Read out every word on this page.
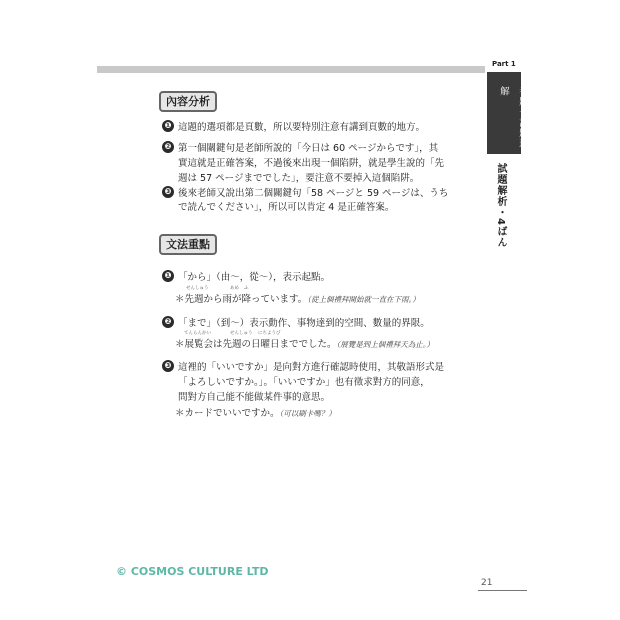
Part 1
考題一讀題理解
試題解析・4ばん
內容分析
❶ 這題的選項都是頁數，所以要特別注意有講到頁數的地方。
❷ 第一個關鍵句是老師所說的「今日は 60 ページからです」，其
實這就是正確答案，不過後來出現一個陷阱，就是學生說的「先
週は 57 ページまででした」，要注意不要掉入這個陷阱。
❸ 後來老師又說出第二個關鍵句「58 ページと 59 ページは、うち
で読んでください」，所以可以肯定 4 是正確答案。
文法重點
❶ 「から」（由～，從～），表示起點。
せんしゅう	あめ ふ
＊先週から雨が降っています。（從上個禮拜開始就一直在下雨。）
❷ 「まで」（到～）表示動作、事物達到的空間、數量的界限。
てんらんかい	せんしゅう にちようび
＊展覧会は先週の日曜日まででした。（展覽是到上個禮拜天為止。）
❸ 這裡的「いいですか」是向對方進行確認時使用，其敬語形式是
「よろしいですか。」。「いいですか」也有徵求對方的同意，
問對方自己能不能做某件事的意思。
＊カードでいいですか。（可以刷卡嗎？）
© COSMOS CULTURE LTD
21
